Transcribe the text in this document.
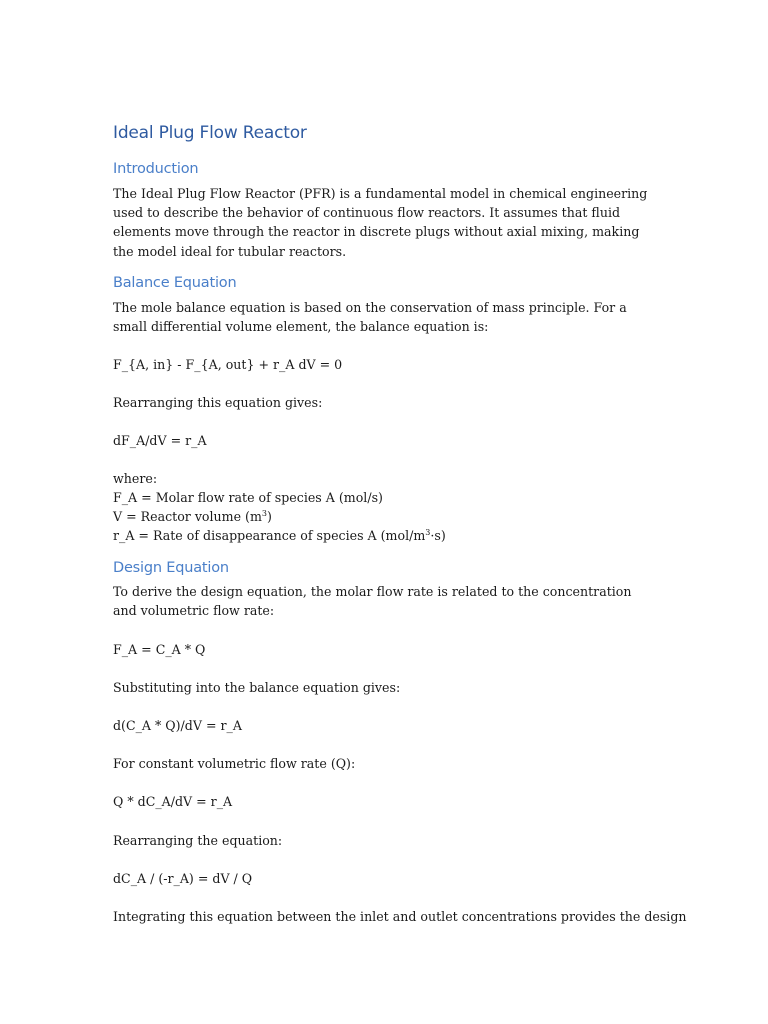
Ideal Plug Flow Reactor
Introduction

The Ideal Plug Flow Reactor (PFR) is a fundamental model in chemical engineering used to describe the behavior of continuous flow reactors. It assumes that fluid elements move through the reactor in discrete plugs without axial mixing, making the model ideal for tubular reactors.

Balance Equation

The mole balance equation is based on the conservation of mass principle. For a small differential volume element, the balance equation is:

F_{A, in} - F_{A, out} + r_A dV = 0

Rearranging this equation gives:

dF_A/dV = r_A

where:

F_A = Molar flow rate of species A (mol/s)

V = Reactor volume $(m^3)$

r_A = Rate of disappearance of species A $(mol/m^3\cdot s)$

Design Equation

To derive the design equation, the molar flow rate is related to the concentration and volumetric flow rate:

F_A = C_A * Q

Substituting into the balance equation gives:

d(C_A * Q)/dV = r_A

For constant volumetric flow rate (Q):

Q * dC_A/dV = r_A

Rearranging the equation:

dC_A / (-r_A) = dV / Q

Integrating this equation between the inlet and outlet concentrations provides the design
